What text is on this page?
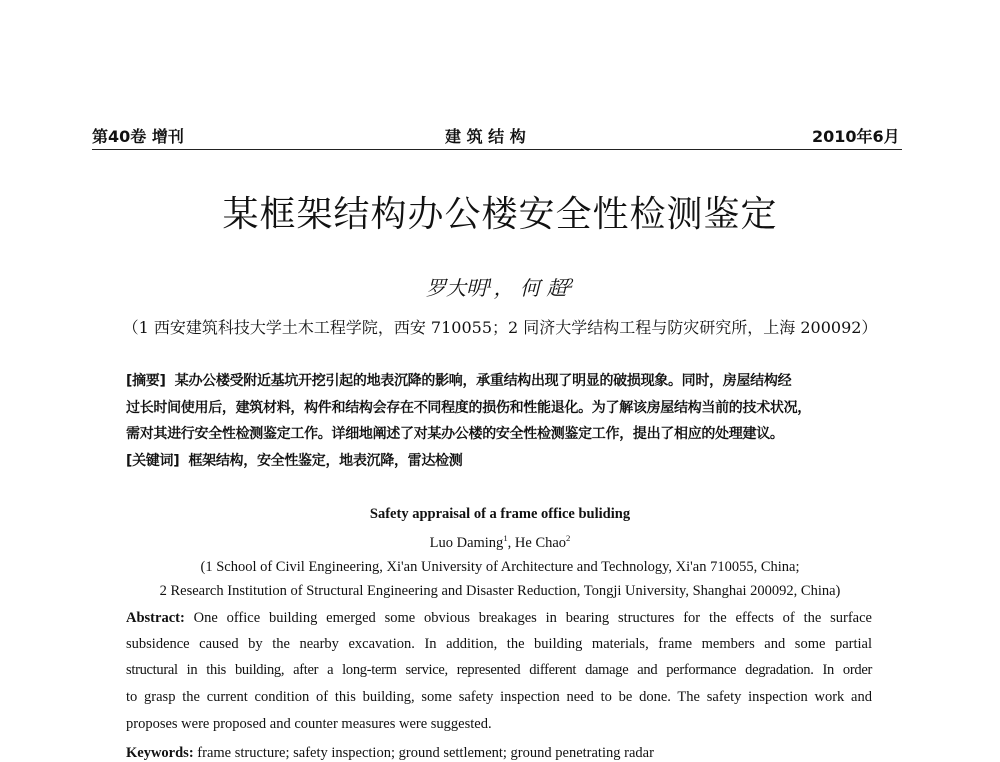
第40卷 增刊	建 筑 结 构	2010年6月
某框架结构办公楼安全性检测鉴定
罗大明$^1$， 何 超$^2$
（1 西安建筑科技大学土木工程学院，西安 710055；2 同济大学结构工程与防灾研究所，上海 200092）
[摘要] 某办公楼受附近基坑开挖引起的地表沉降的影响，承重结构出现了明显的破损现象。同时，房屋结构经
过长时间使用后，建筑材料，构件和结构会存在不同程度的损伤和性能退化。为了解该房屋结构当前的技术状况，
需对其进行安全性检测鉴定工作。详细地阐述了对某办公楼的安全性检测鉴定工作，提出了相应的处理建议。
[关键词] 框架结构，安全性鉴定，地表沉降，雷达检测
Safety appraisal of a frame office buliding
Luo Daming$^1$, He Chao$^2$
(1 School of Civil Engineering, Xi'an University of Architecture and Technology, Xi'an 710055, China;
2 Research Institution of Structural Engineering and Disaster Reduction, Tongji University, Shanghai 200092, China)
Abstract: One office building emerged some obvious breakages in bearing structures for the effects of the surface
subsidence caused by the nearby excavation. In addition, the building materials, frame members and some partial
structural in this building, after a long-term service, represented different damage and performance degradation. In order
to grasp the current condition of this building, some safety inspection need to be done. The safety inspection work and
proposes were proposed and counter measures were suggested.
Keywords: frame structure; safety inspection; ground settlement; ground penetrating radar
